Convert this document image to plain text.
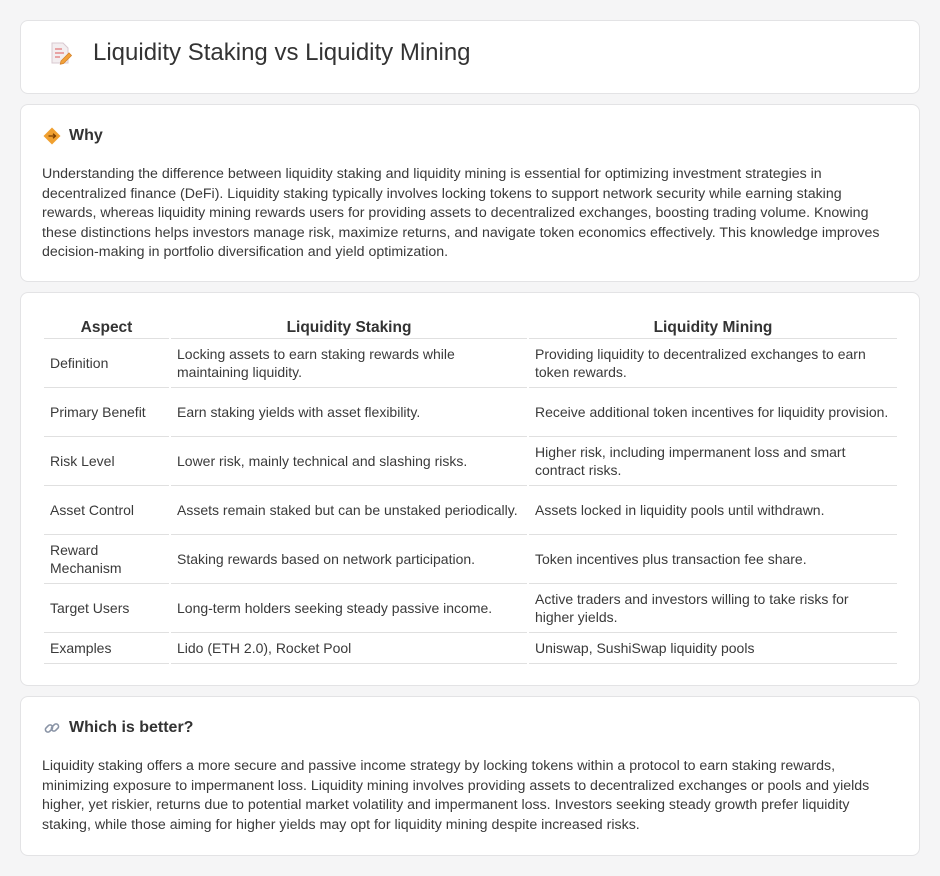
Liquidity Staking vs Liquidity Mining
Why

Understanding the difference between liquidity staking and liquidity mining is essential for optimizing investment strategies in decentralized finance (DeFi). Liquidity staking typically involves locking tokens to support network security while earning staking rewards, whereas liquidity mining rewards users for providing assets to decentralized exchanges, boosting trading volume. Knowing these distinctions helps investors manage risk, maximize returns, and navigate token economics effectively. This knowledge improves decision-making in portfolio diversification and yield optimization.

Aspect	Liquidity Staking	Liquidity Mining
Definition	Locking assets to earn staking rewards while maintaining liquidity.	Providing liquidity to decentralized exchanges to earn token rewards.
Primary Benefit	Earn staking yields with asset flexibility.	Receive additional token incentives for liquidity provision.
Risk Level	Lower risk, mainly technical and slashing risks.	Higher risk, including impermanent loss and smart contract risks.
Asset Control	Assets remain staked but can be unstaked periodically.	Assets locked in liquidity pools until withdrawn.
Reward Mechanism	Staking rewards based on network participation.	Token incentives plus transaction fee share.
Target Users	Long-term holders seeking steady passive income.	Active traders and investors willing to take risks for higher yields.
Examples	Lido (ETH 2.0), Rocket Pool	Uniswap, SushiSwap liquidity pools
Which is better?

Liquidity staking offers a more secure and passive income strategy by locking tokens within a protocol to earn staking rewards, minimizing exposure to impermanent loss. Liquidity mining involves providing assets to decentralized exchanges or pools and yields higher, yet riskier, returns due to potential market volatility and impermanent loss. Investors seeking steady growth prefer liquidity staking, while those aiming for higher yields may opt for liquidity mining despite increased risks.
